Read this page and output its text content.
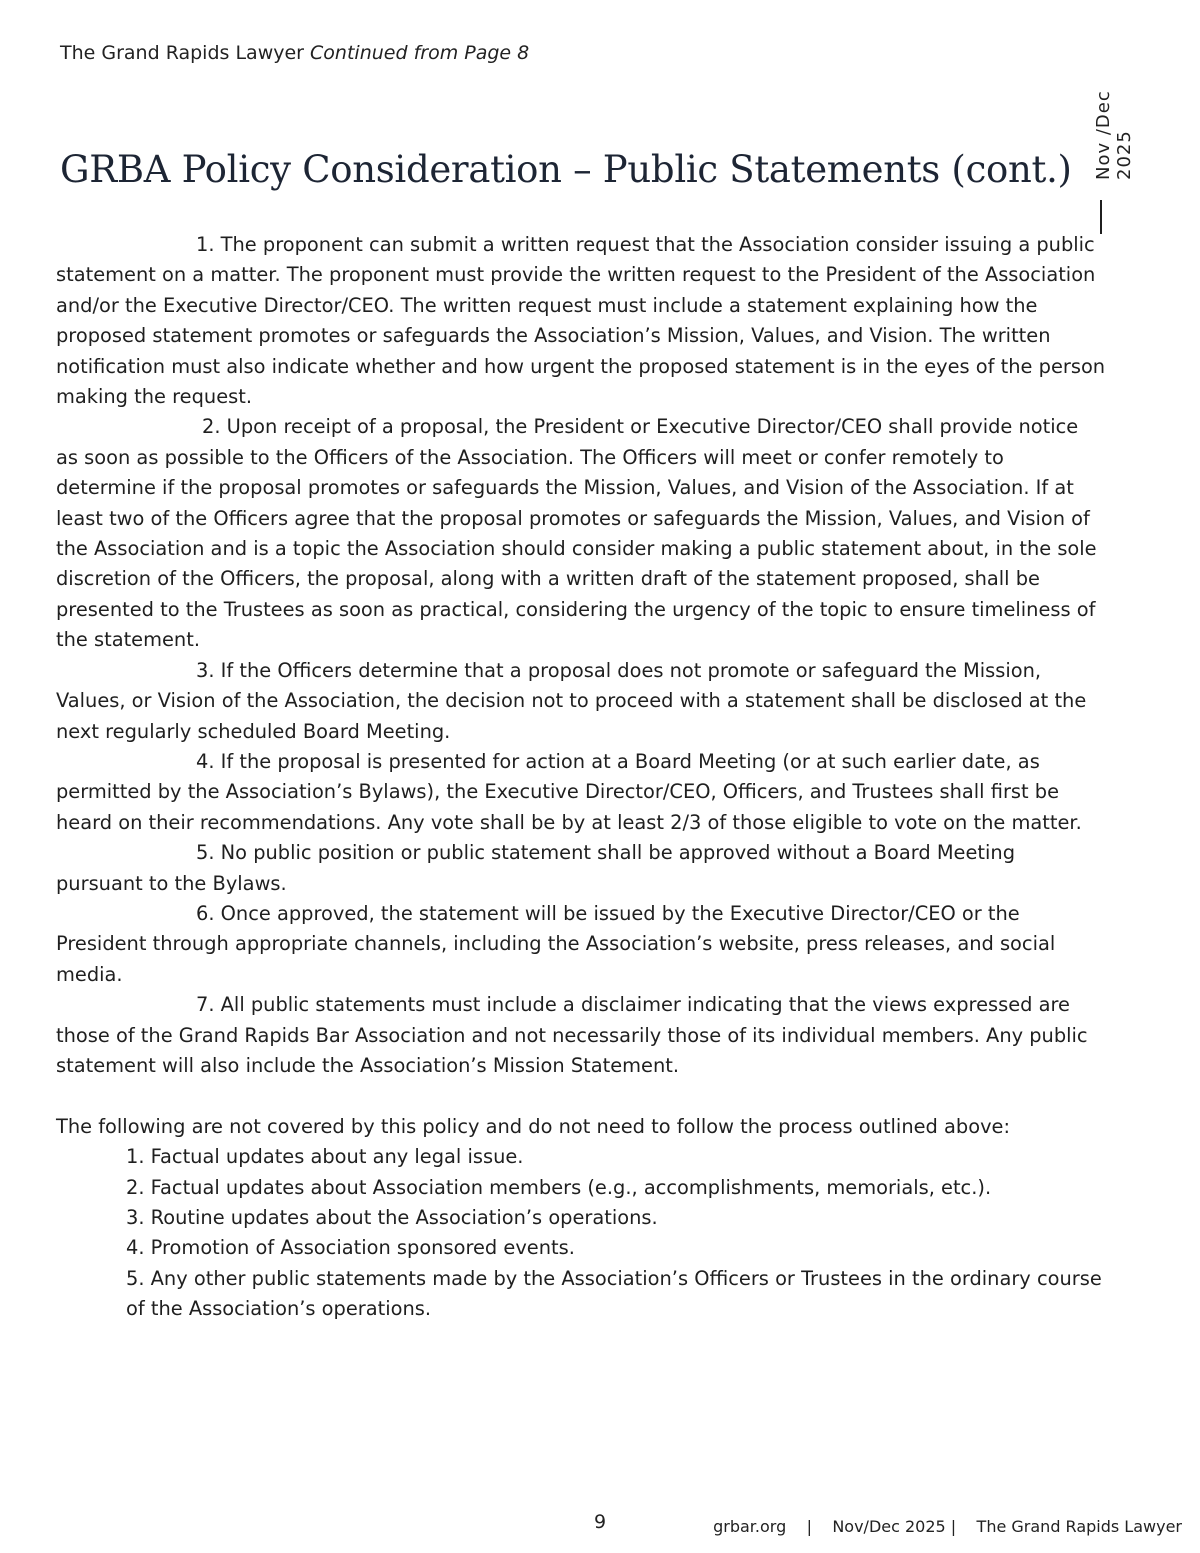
The Grand Rapids Lawyer Continued from Page 8
Nov /Dec 2025
GRBA Policy Consideration – Public Statements (cont.)

1. The proponent can submit a written request that the Association consider issuing a public statement on a matter. The proponent must provide the written request to the President of the Association and/or the Executive Director/CEO. The written request must include a statement explaining how the proposed statement promotes or safeguards the Association’s Mission, Values, and Vision. The written notification must also indicate whether and how urgent the proposed statement is in the eyes of the person making the request.

2. Upon receipt of a proposal, the President or Executive Director/CEO shall provide notice as soon as possible to the Officers of the Association. The Officers will meet or confer remotely to determine if the proposal promotes or safeguards the Mission, Values, and Vision of the Association. If at least two of the Officers agree that the proposal promotes or safeguards the Mission, Values, and Vision of the Association and is a topic the Association should consider making a public statement about, in the sole discretion of the Officers, the proposal, along with a written draft of the statement proposed, shall be presented to the Trustees as soon as practical, considering the urgency of the topic to ensure timeliness of the statement.

3. If the Officers determine that a proposal does not promote or safeguard the Mission, Values, or Vision of the Association, the decision not to proceed with a statement shall be disclosed at the next regularly scheduled Board Meeting.

4. If the proposal is presented for action at a Board Meeting (or at such earlier date, as permitted by the Association’s Bylaws), the Executive Director/CEO, Officers, and Trustees shall first be heard on their recommendations. Any vote shall be by at least 2/3 of those eligible to vote on the matter.

5. No public position or public statement shall be approved without a Board Meeting pursuant to the Bylaws.

6. Once approved, the statement will be issued by the Executive Director/CEO or the President through appropriate channels, including the Association’s website, press releases, and social media.

7. All public statements must include a disclaimer indicating that the views expressed are those of the Grand Rapids Bar Association and not necessarily those of its individual members. Any public statement will also include the Association’s Mission Statement.

The following are not covered by this policy and do not need to follow the process outlined above:

1. Factual updates about any legal issue.
2. Factual updates about Association members (e.g., accomplishments, memorials, etc.).
3. Routine updates about the Association’s operations.
4. Promotion of Association sponsored events.
5. Any other public statements made by the Association’s Officers or Trustees in the ordinary course of the Association’s operations.
9	grbar.org    |    Nov/Dec 2025 |    The Grand Rapids Lawyer
